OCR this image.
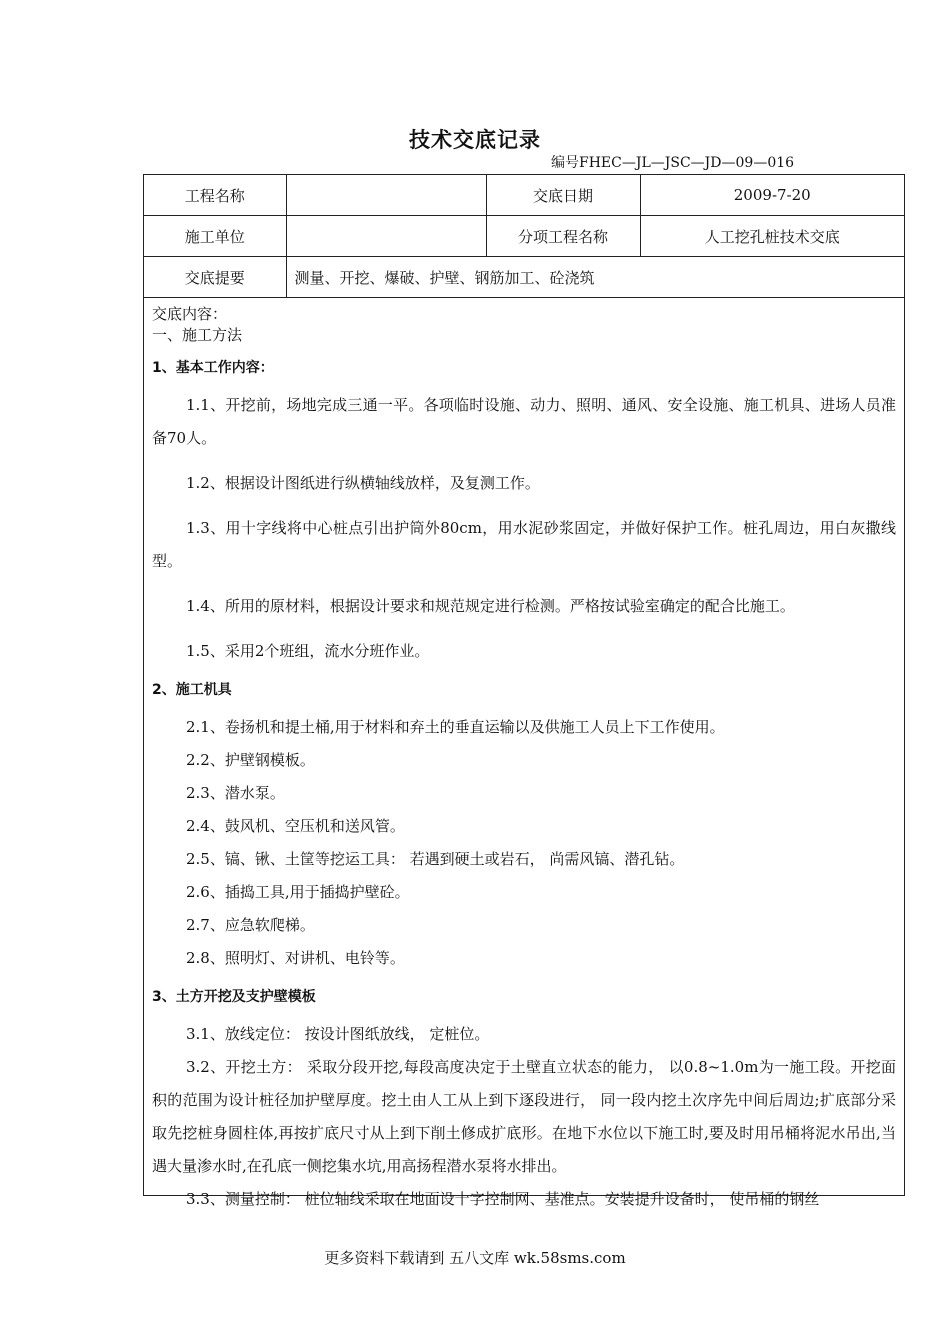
技术交底记录
编号FHEC—JL—JSC—JD—09—016
工程名称		交底日期	2009-7-20
施工单位		分项工程名称	人工挖孔桩技术交底
交底提要	测量、开挖、爆破、护壁、钢筋加工、砼浇筑		

交底内容：

一、施工方法

1、基本工作内容：

1.1、开挖前，场地完成三通一平。各项临时设施、动力、照明、通风、安全设施、施工机具、进场人员准备70人。

1.2、根据设计图纸进行纵横轴线放样，及复测工作。

1.3、用十字线将中心桩点引出护筒外80cm，用水泥砂浆固定，并做好保护工作。桩孔周边，用白灰撒线型。

1.4、所用的原材料，根据设计要求和规范规定进行检测。严格按试验室确定的配合比施工。

1.5、采用2个班组，流水分班作业。

2、施工机具

2.1、卷扬机和提土桶,用于材料和弃土的垂直运输以及供施工人员上下工作使用。

2.2、护壁钢模板。

2.3、潜水泵。

2.4、鼓风机、空压机和送风管。

2.5、镐、锹、土筐等挖运工具： 若遇到硬土或岩石， 尚需风镐、潜孔钻。

2.6、插捣工具,用于插捣护壁砼。

2.7、应急软爬梯。

2.8、照明灯、对讲机、电铃等。

3、土方开挖及支护壁模板

3.1、放线定位： 按设计图纸放线， 定桩位。

3.2、开挖土方： 采取分段开挖,每段高度决定于土壁直立状态的能力， 以0.8~1.0m为一施工段。开挖面积的范围为设计桩径加护壁厚度。挖土由人工从上到下逐段进行， 同一段内挖土次序先中间后周边;扩底部分采取先挖桩身圆柱体,再按扩底尺寸从上到下削土修成扩底形。在地下水位以下施工时,要及时用吊桶将泥水吊出,当遇大量渗水时,在孔底一侧挖集水坑,用高扬程潜水泵将水排出。

3.3、测量控制： 桩位轴线采取在地面设十字控制网、基准点。安装提升设备时， 使吊桶的钢丝

更多资料下载请到 五八文库 wk.58sms.com
